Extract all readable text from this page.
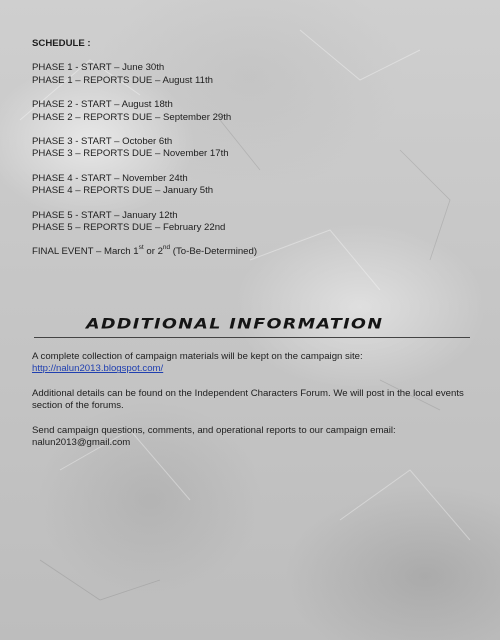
SCHEDULE :
PHASE 1 - START – June 30th
PHASE 1 – REPORTS DUE – August 11th
PHASE 2 - START – August 18th
PHASE 2 – REPORTS DUE – September 29th
PHASE 3 - START – October 6th
PHASE 3 – REPORTS DUE – November 17th
PHASE 4 - START – November 24th
PHASE 4 – REPORTS DUE – January 5th
PHASE 5 - START – January 12th
PHASE 5 – REPORTS DUE – February 22nd
FINAL EVENT – March 1st or 2nd (To-Be-Determined)
ADDITIONAL INFORMATION

A complete collection of campaign materials will be kept on the campaign site:
http://nalun2013.blogspot.com/

Additional details can be found on the Independent Characters Forum. We will post in the local events section of the forums.

Send campaign questions, comments, and operational reports to our campaign email:
nalun2013@gmail.com
